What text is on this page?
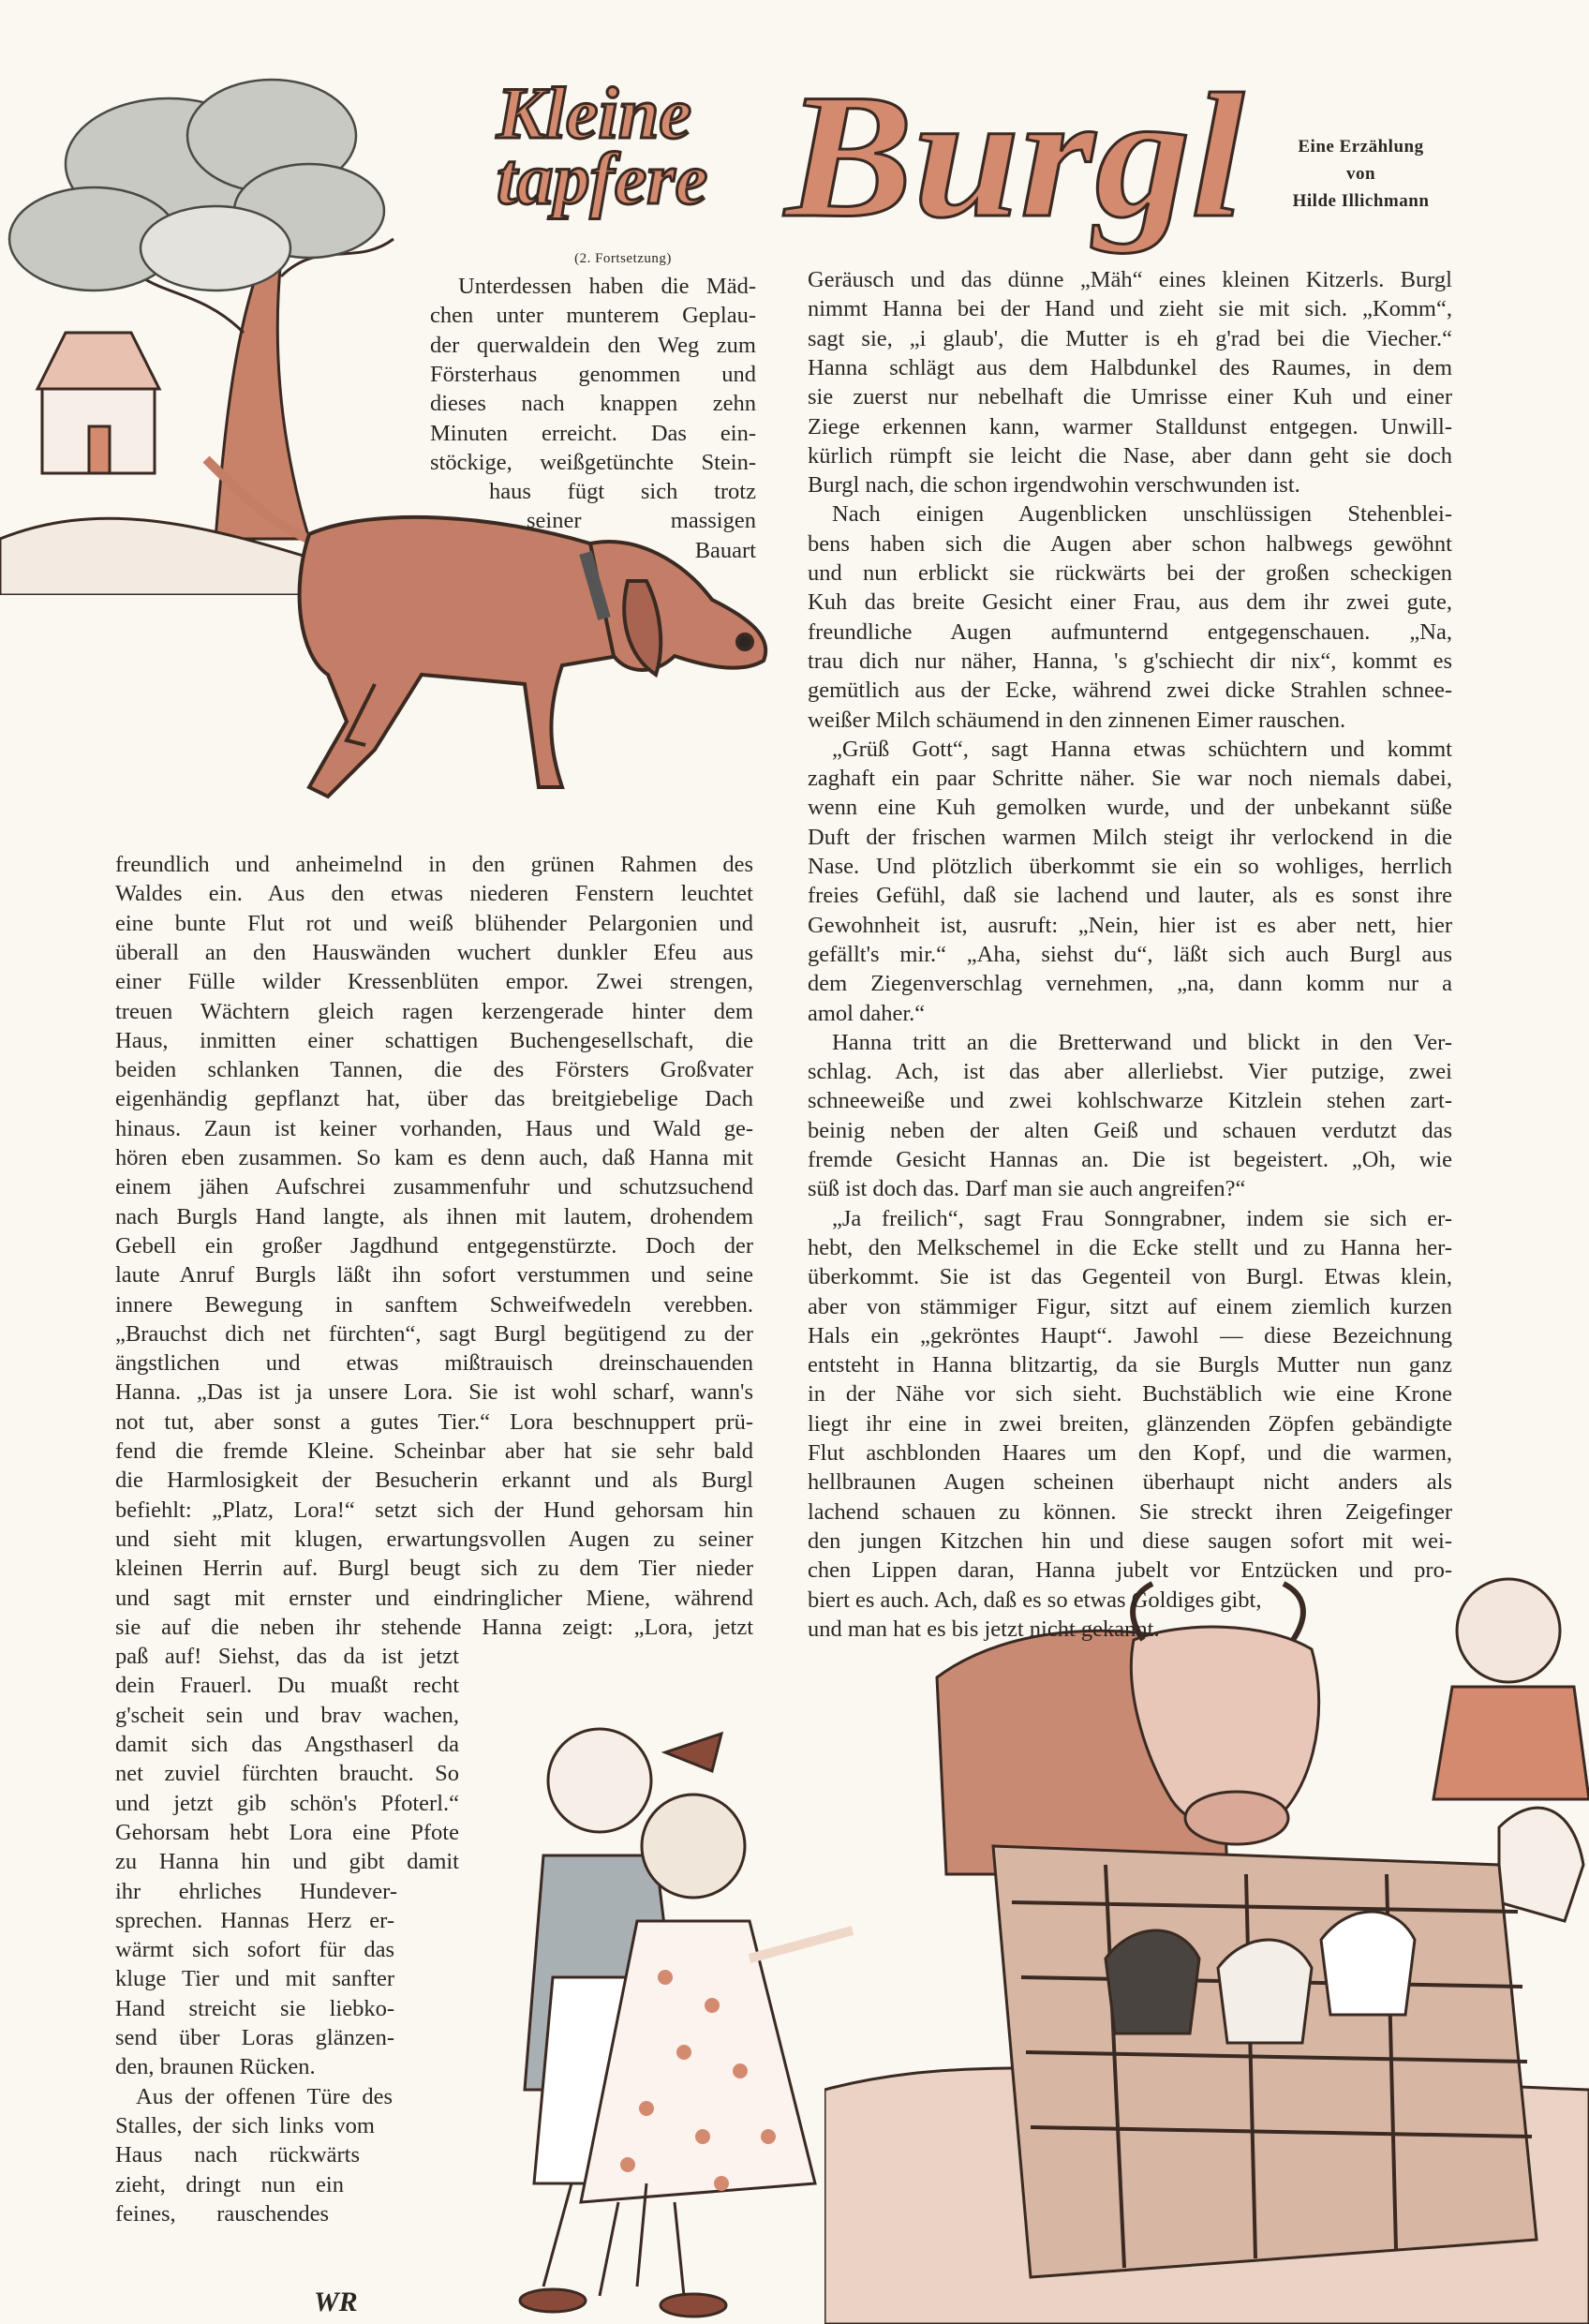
Kleine
tapfere Burgl	Eine Erzählung
von
Hilde Illichmann
WR
(2. Fortsetzung)
Unterdessen haben die Mäd-
chen unter munterem Geplau-
der querwaldein den Weg zum
Försterhaus genommen und
dieses nach knappen zehn
Minuten erreicht. Das ein-
stöckige, weißgetünchte Stein-
haus fügt sich trotz
seiner massigen
Bauart
freundlich und anheimelnd in den grünen Rahmen des
Waldes ein. Aus den etwas niederen Fenstern leuchtet
eine bunte Flut rot und weiß blühender Pelargonien und
überall an den Hauswänden wuchert dunkler Efeu aus
einer Fülle wilder Kressenblüten empor. Zwei strengen,
treuen Wächtern gleich ragen kerzengerade hinter dem
Haus, inmitten einer schattigen Buchengesellschaft, die
beiden schlanken Tannen, die des Försters Großvater
eigenhändig gepflanzt hat, über das breitgiebelige Dach
hinaus. Zaun ist keiner vorhanden, Haus und Wald ge-
hören eben zusammen. So kam es denn auch, daß Hanna mit
einem jähen Aufschrei zusammenfuhr und schutzsuchend
nach Burgls Hand langte, als ihnen mit lautem, drohendem
Gebell ein großer Jagdhund entgegenstürzte. Doch der
laute Anruf Burgls läßt ihn sofort verstummen und seine
innere Bewegung in sanftem Schweifwedeln verebben.
„Brauchst dich net fürchten“, sagt Burgl begütigend zu der
ängstlichen und etwas mißtrauisch dreinschauenden
Hanna. „Das ist ja unsere Lora. Sie ist wohl scharf, wann's
not tut, aber sonst a gutes Tier.“ Lora beschnuppert prü-
fend die fremde Kleine. Scheinbar aber hat sie sehr bald
die Harmlosigkeit der Besucherin erkannt und als Burgl
befiehlt: „Platz, Lora!“ setzt sich der Hund gehorsam hin
und sieht mit klugen, erwartungsvollen Augen zu seiner
kleinen Herrin auf. Burgl beugt sich zu dem Tier nieder
und sagt mit ernster und eindringlicher Miene, während
sie auf die neben ihr stehende Hanna zeigt: „Lora, jetzt
paß auf! Siehst, das da ist jetzt
dein Frauerl. Du muaßt recht
g'scheit sein und brav wachen,
damit sich das Angsthaserl da
net zuviel fürchten braucht. So
und jetzt gib schön's Pfoterl.“
Gehorsam hebt Lora eine Pfote
zu Hanna hin und gibt damit
ihr ehrliches Hundever-
sprechen. Hannas Herz er-
wärmt sich sofort für das
kluge Tier und mit sanfter
Hand streicht sie liebko-
send über Loras glänzen-
den, braunen Rücken.
Aus der offenen Türe des
Stalles, der sich links vom
Haus nach rückwärts
zieht, dringt nun ein
feines, rauschendes
Geräusch und das dünne „Mäh“ eines kleinen Kitzerls. Burgl
nimmt Hanna bei der Hand und zieht sie mit sich. „Komm“,
sagt sie, „i glaub', die Mutter is eh g'rad bei die Viecher.“
Hanna schlägt aus dem Halbdunkel des Raumes, in dem
sie zuerst nur nebelhaft die Umrisse einer Kuh und einer
Ziege erkennen kann, warmer Stalldunst entgegen. Unwill-
kürlich rümpft sie leicht die Nase, aber dann geht sie doch
Burgl nach, die schon irgendwohin verschwunden ist.
Nach einigen Augenblicken unschlüssigen Stehenblei-
bens haben sich die Augen aber schon halbwegs gewöhnt
und nun erblickt sie rückwärts bei der großen scheckigen
Kuh das breite Gesicht einer Frau, aus dem ihr zwei gute,
freundliche Augen aufmunternd entgegenschauen. „Na,
trau dich nur näher, Hanna, 's g'schiecht dir nix“, kommt es
gemütlich aus der Ecke, während zwei dicke Strahlen schnee-
weißer Milch schäumend in den zinnenen Eimer rauschen.
„Grüß Gott“, sagt Hanna etwas schüchtern und kommt
zaghaft ein paar Schritte näher. Sie war noch niemals dabei,
wenn eine Kuh gemolken wurde, und der unbekannt süße
Duft der frischen warmen Milch steigt ihr verlockend in die
Nase. Und plötzlich überkommt sie ein so wohliges, herrlich
freies Gefühl, daß sie lachend und lauter, als es sonst ihre
Gewohnheit ist, ausruft: „Nein, hier ist es aber nett, hier
gefällt's mir.“ „Aha, siehst du“, läßt sich auch Burgl aus
dem Ziegenverschlag vernehmen, „na, dann komm nur a
amol daher.“
Hanna tritt an die Bretterwand und blickt in den Ver-
schlag. Ach, ist das aber allerliebst. Vier putzige, zwei
schneeweiße und zwei kohlschwarze Kitzlein stehen zart-
beinig neben der alten Geiß und schauen verdutzt das
fremde Gesicht Hannas an. Die ist begeistert. „Oh, wie
süß ist doch das. Darf man sie auch angreifen?“
„Ja freilich“, sagt Frau Sonngrabner, indem sie sich er-
hebt, den Melkschemel in die Ecke stellt und zu Hanna her-
überkommt. Sie ist das Gegenteil von Burgl. Etwas klein,
aber von stämmiger Figur, sitzt auf einem ziemlich kurzen
Hals ein „gekröntes Haupt“. Jawohl — diese Bezeichnung
entsteht in Hanna blitzartig, da sie Burgls Mutter nun ganz
in der Nähe vor sich sieht. Buchstäblich wie eine Krone
liegt ihr eine in zwei breiten, glänzenden Zöpfen gebändigte
Flut aschblonden Haares um den Kopf, und die warmen,
hellbraunen Augen scheinen überhaupt nicht anders als
lachend schauen zu können. Sie streckt ihren Zeigefinger
den jungen Kitzchen hin und diese saugen sofort mit wei-
chen Lippen daran, Hanna jubelt vor Entzücken und pro-
biert es auch. Ach, daß es so etwas Goldiges gibt,
und man hat es bis jetzt nicht gekannt.
